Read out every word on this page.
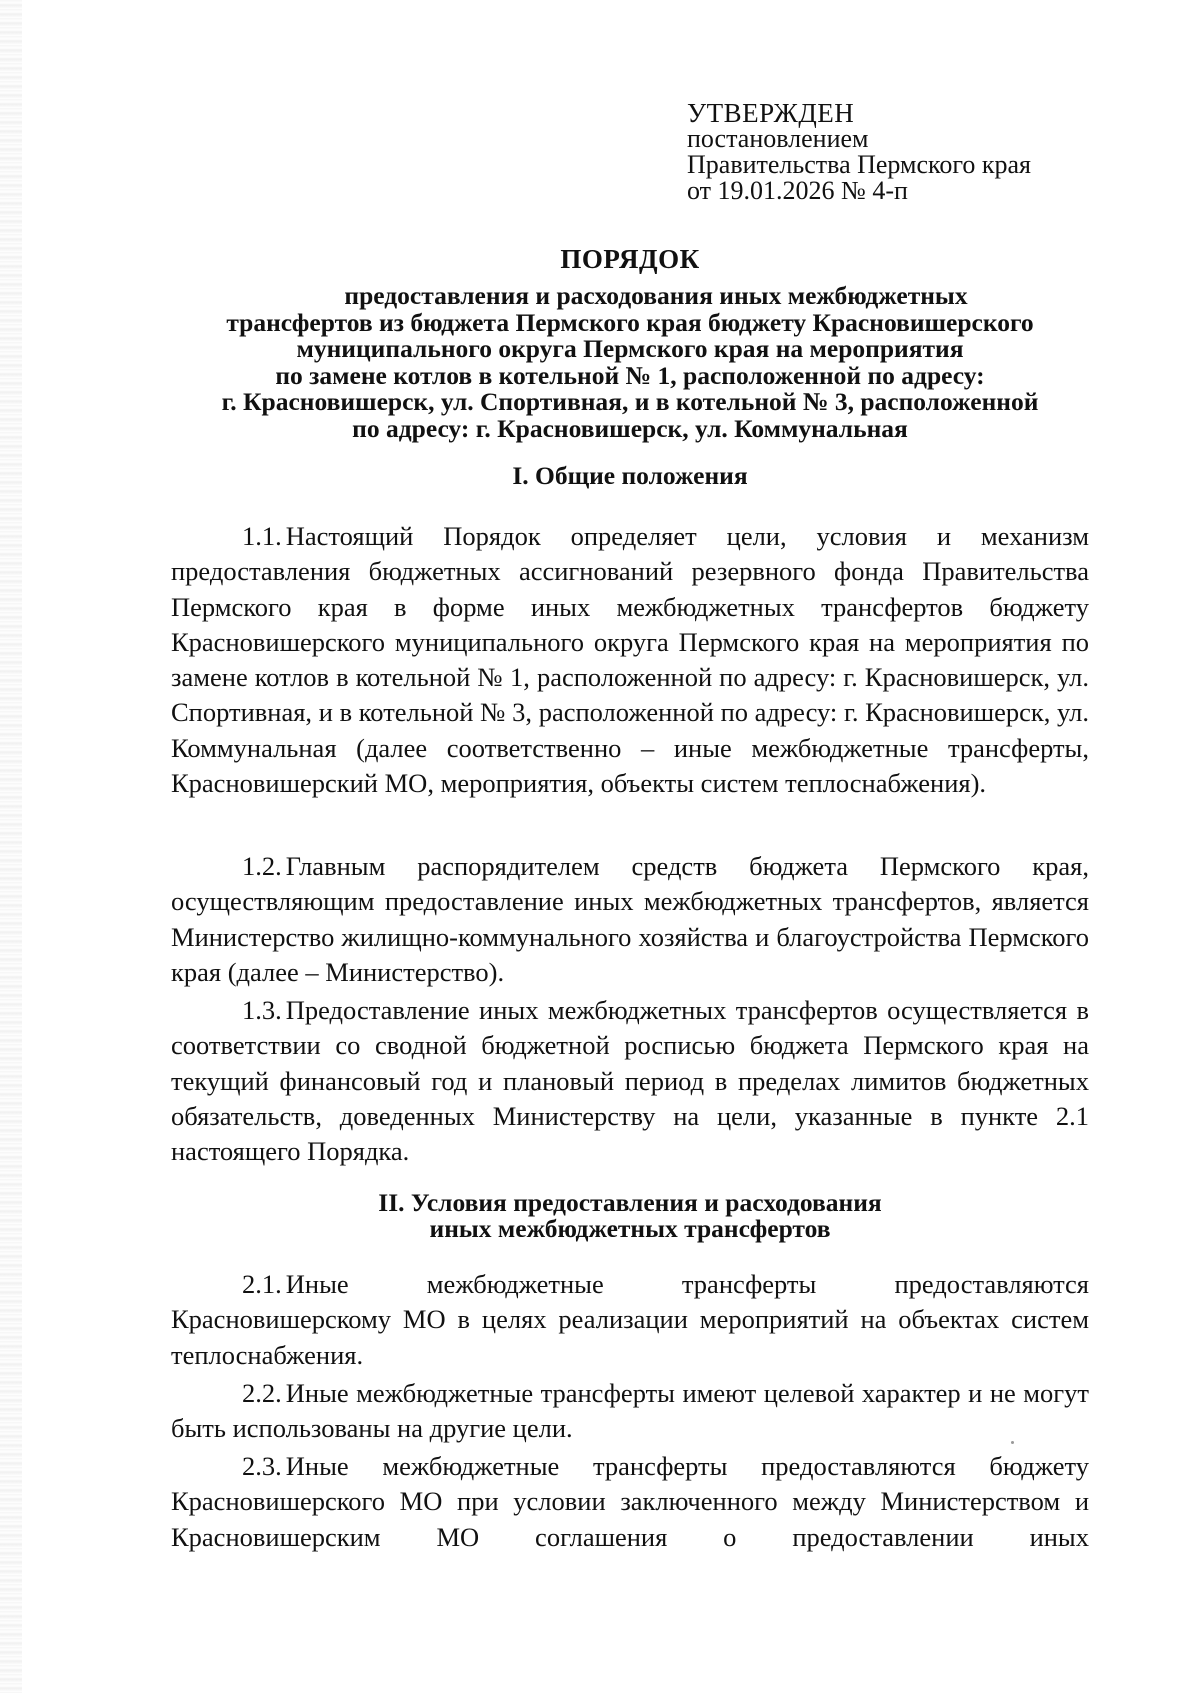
УТВЕРЖДЕН
постановлением
Правительства Пермского края
от 19.01.2026 № 4-п
ПОРЯДОК
предоставления и расходования иных межбюджетных
трансфертов из бюджета Пермского края бюджету Красновишерского
муниципального округа Пермского края на мероприятия
по замене котлов в котельной № 1, расположенной по адресу:
г. Красновишерск, ул. Спортивная, и в котельной № 3, расположенной
по адресу: г. Красновишерск, ул. Коммунальная
I. Общие положения
1.1. Настоящий Порядок определяет цели, условия и механизм предоставления бюджетных ассигнований резервного фонда Правительства Пермского края в форме иных межбюджетных трансфертов бюджету Красновишерского муниципального округа Пермского края на мероприятия по замене котлов в котельной № 1, расположенной по адресу: г. Красновишерск, ул. Спортивная, и в котельной № 3, расположенной по адресу: г. Красновишерск, ул. Коммунальная (далее соответственно – иные межбюджетные трансферты, Красновишерский МО, мероприятия, объекты систем теплоснабжения).
1.2. Главным распорядителем средств бюджета Пермского края, осуществляющим предоставление иных межбюджетных трансфертов, является Министерство жилищно-коммунального хозяйства и благоустройства Пермского края (далее – Министерство).
1.3. Предоставление иных межбюджетных трансфертов осуществляется в соответствии со сводной бюджетной росписью бюджета Пермского края на текущий финансовый год и плановый период в пределах лимитов бюджетных обязательств, доведенных Министерству на цели, указанные в пункте 2.1 настоящего Порядка.
II. Условия предоставления и расходования
иных межбюджетных трансфертов
2.1. Иные межбюджетные трансферты предоставляются Красновишерскому МО в целях реализации мероприятий на объектах систем теплоснабжения.
2.2. Иные межбюджетные трансферты имеют целевой характер и не могут быть использованы на другие цели.
2.3. Иные межбюджетные трансферты предоставляются бюджету Красновишерского МО при условии заключенного между Министерством и Красновишерским МО соглашения о предоставлении иных
